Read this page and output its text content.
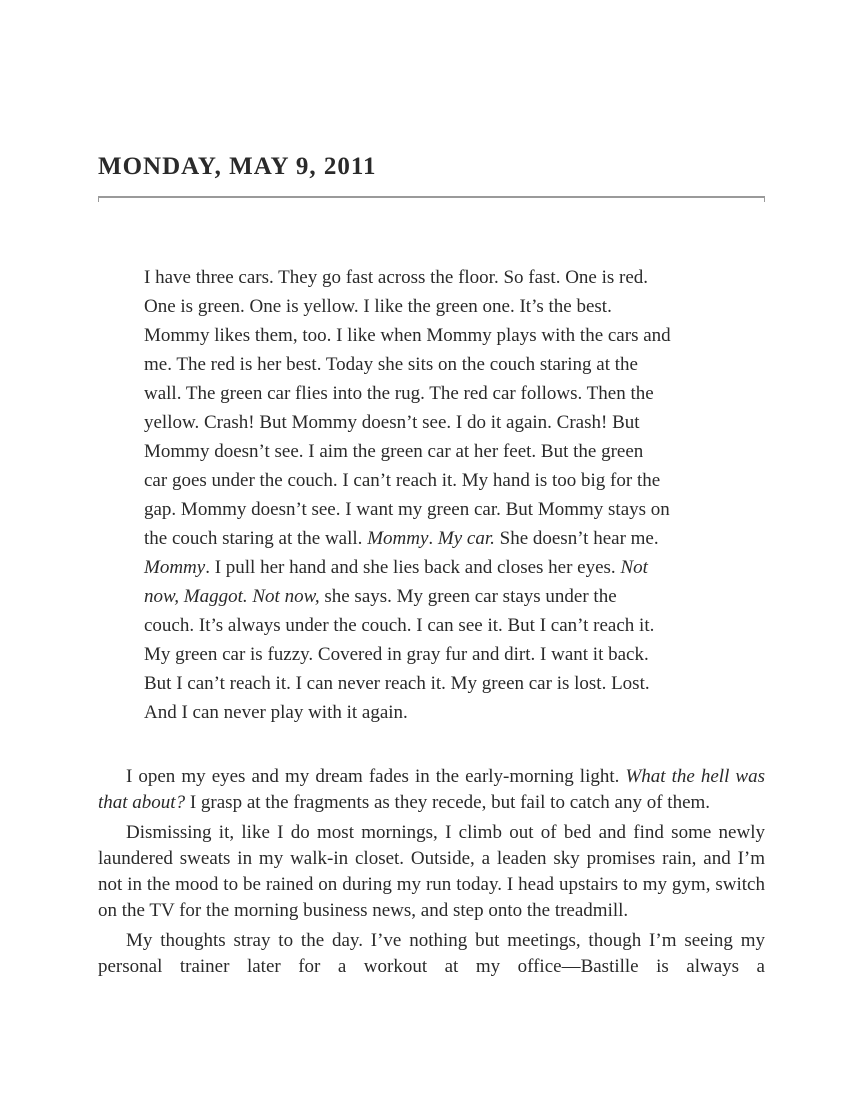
MONDAY, MAY 9, 2011
I have three cars. They go fast across the floor. So fast. One is red.
One is green. One is yellow. I like the green one. It’s the best.
Mommy likes them, too. I like when Mommy plays with the cars and
me. The red is her best. Today she sits on the couch staring at the
wall. The green car flies into the rug. The red car follows. Then the
yellow. Crash! But Mommy doesn’t see. I do it again. Crash! But
Mommy doesn’t see. I aim the green car at her feet. But the green
car goes under the couch. I can’t reach it. My hand is too big for the
gap. Mommy doesn’t see. I want my green car. But Mommy stays on
the couch staring at the wall. Mommy. My car. She doesn’t hear me.
Mommy. I pull her hand and she lies back and closes her eyes. Not
now, Maggot. Not now, she says. My green car stays under the
couch. It’s always under the couch. I can see it. But I can’t reach it.
My green car is fuzzy. Covered in gray fur and dirt. I want it back.
But I can’t reach it. I can never reach it. My green car is lost. Lost.
And I can never play with it again.

I open my eyes and my dream fades in the early-morning light. What the hell was that about? I grasp at the fragments as they recede, but fail to catch any of them.

Dismissing it, like I do most mornings, I climb out of bed and find some newly laundered sweats in my walk-in closet. Outside, a leaden sky promises rain, and I’m not in the mood to be rained on during my run today. I head upstairs to my gym, switch on the TV for the morning business news, and step onto the treadmill.

My thoughts stray to the day. I’ve nothing but meetings, though I’m seeing my personal trainer later for a workout at my office—Bastille is always a
